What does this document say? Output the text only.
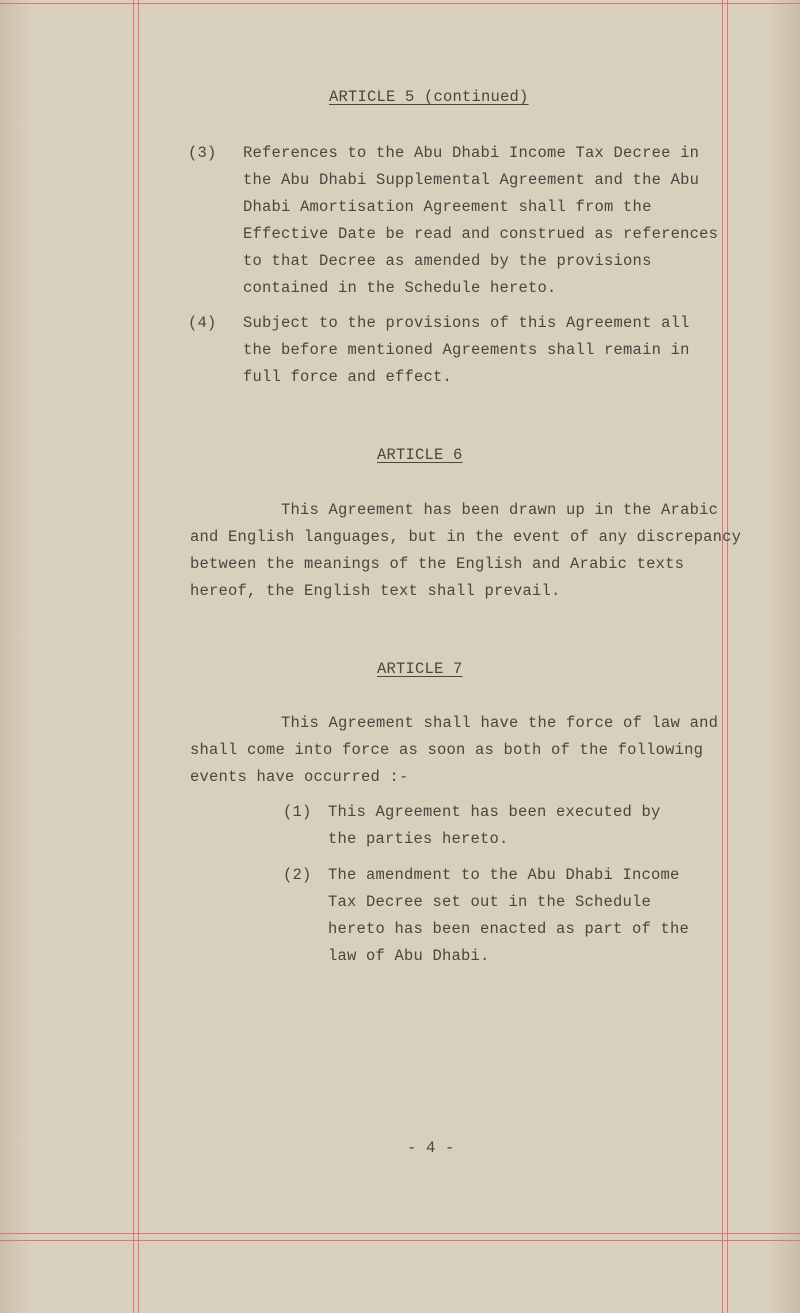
ARTICLE 5 (continued)
(3) References to the Abu Dhabi Income Tax Decree in
the Abu Dhabi Supplemental Agreement and the Abu
Dhabi Amortisation Agreement shall from the
Effective Date be read and construed as references
to that Decree as amended by the provisions
contained in the Schedule hereto.
(4) Subject to the provisions of this Agreement all
the before mentioned Agreements shall remain in
full force and effect.
ARTICLE 6
This Agreement has been drawn up in the Arabic
and English languages, but in the event of any discrepancy
between the meanings of the English and Arabic texts
hereof, the English text shall prevail.
ARTICLE 7
This Agreement shall have the force of law and
shall come into force as soon as both of the following
events have occurred :-
(1) This Agreement has been executed by
the parties hereto.
(2) The amendment to the Abu Dhabi Income
Tax Decree set out in the Schedule
hereto has been enacted as part of the
law of Abu Dhabi.
- 4 -
